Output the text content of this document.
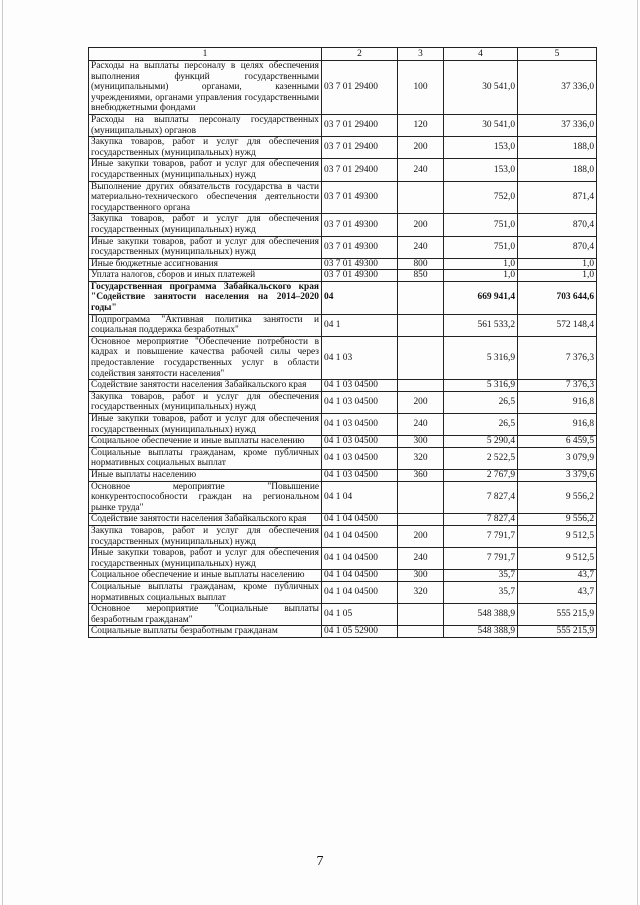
1	2	3	4	5
Расходы на выплаты персоналу в целях обеспечения выполнения функций государственными (муниципальными) органами, казенными учреждениями, органами управления государственными внебюджетными фондами	03 7 01 29400	100	30 541,0	37 336,0
Расходы на выплаты персоналу государственных (муниципальных) органов	03 7 01 29400	120	30 541,0	37 336,0
Закупка товаров, работ и услуг для обеспечения государственных (муниципальных) нужд	03 7 01 29400	200	153,0	188,0
Иные закупки товаров, работ и услуг для обеспечения государственных (муниципальных) нужд	03 7 01 29400	240	153,0	188,0
Выполнение других обязательств государства в части материально-технического обеспечения деятельности государственного органа	03 7 01 49300		752,0	871,4
Закупка товаров, работ и услуг для обеспечения государственных (муниципальных) нужд	03 7 01 49300	200	751,0	870,4
Иные закупки товаров, работ и услуг для обеспечения государственных (муниципальных) нужд	03 7 01 49300	240	751,0	870,4
Иные бюджетные ассигнования	03 7 01 49300	800	1,0	1,0
Уплата налогов, сборов и иных платежей	03 7 01 49300	850	1,0	1,0
Государственная программа Забайкальского края "Содействие занятости населения на 2014–2020 годы"	04		669 941,4	703 644,6
Подпрограмма "Активная политика занятости и социальная поддержка безработных"	04 1		561 533,2	572 148,4
Основное мероприятие "Обеспечение потребности в кадрах и повышение качества рабочей силы через предоставление государственных услуг в области содействия занятости населения"	04 1 03		5 316,9	7 376,3
Содействие занятости населения Забайкальского края	04 1 03 04500		5 316,9	7 376,3
Закупка товаров, работ и услуг для обеспечения государственных (муниципальных) нужд	04 1 03 04500	200	26,5	916,8
Иные закупки товаров, работ и услуг для обеспечения государственных (муниципальных) нужд	04 1 03 04500	240	26,5	916,8
Социальное обеспечение и иные выплаты населению	04 1 03 04500	300	5 290,4	6 459,5
Социальные выплаты гражданам, кроме публичных нормативных социальных выплат	04 1 03 04500	320	2 522,5	3 079,9
Иные выплаты населению	04 1 03 04500	360	2 767,9	3 379,6
Основное мероприятие "Повышение конкурентоспособности граждан на региональном рынке труда"	04 1 04		7 827,4	9 556,2
Содействие занятости населения Забайкальского края	04 1 04 04500		7 827,4	9 556,2
Закупка товаров, работ и услуг для обеспечения государственных (муниципальных) нужд	04 1 04 04500	200	7 791,7	9 512,5
Иные закупки товаров, работ и услуг для обеспечения государственных (муниципальных) нужд	04 1 04 04500	240	7 791,7	9 512,5
Социальное обеспечение и иные выплаты населению	04 1 04 04500	300	35,7	43,7
Социальные выплаты гражданам, кроме публичных нормативных социальных выплат	04 1 04 04500	320	35,7	43,7
Основное мероприятие "Социальные выплаты безработным гражданам"	04 1 05		548 388,9	555 215,9
Социальные выплаты безработным гражданам	04 1 05 52900		548 388,9	555 215,9
7
